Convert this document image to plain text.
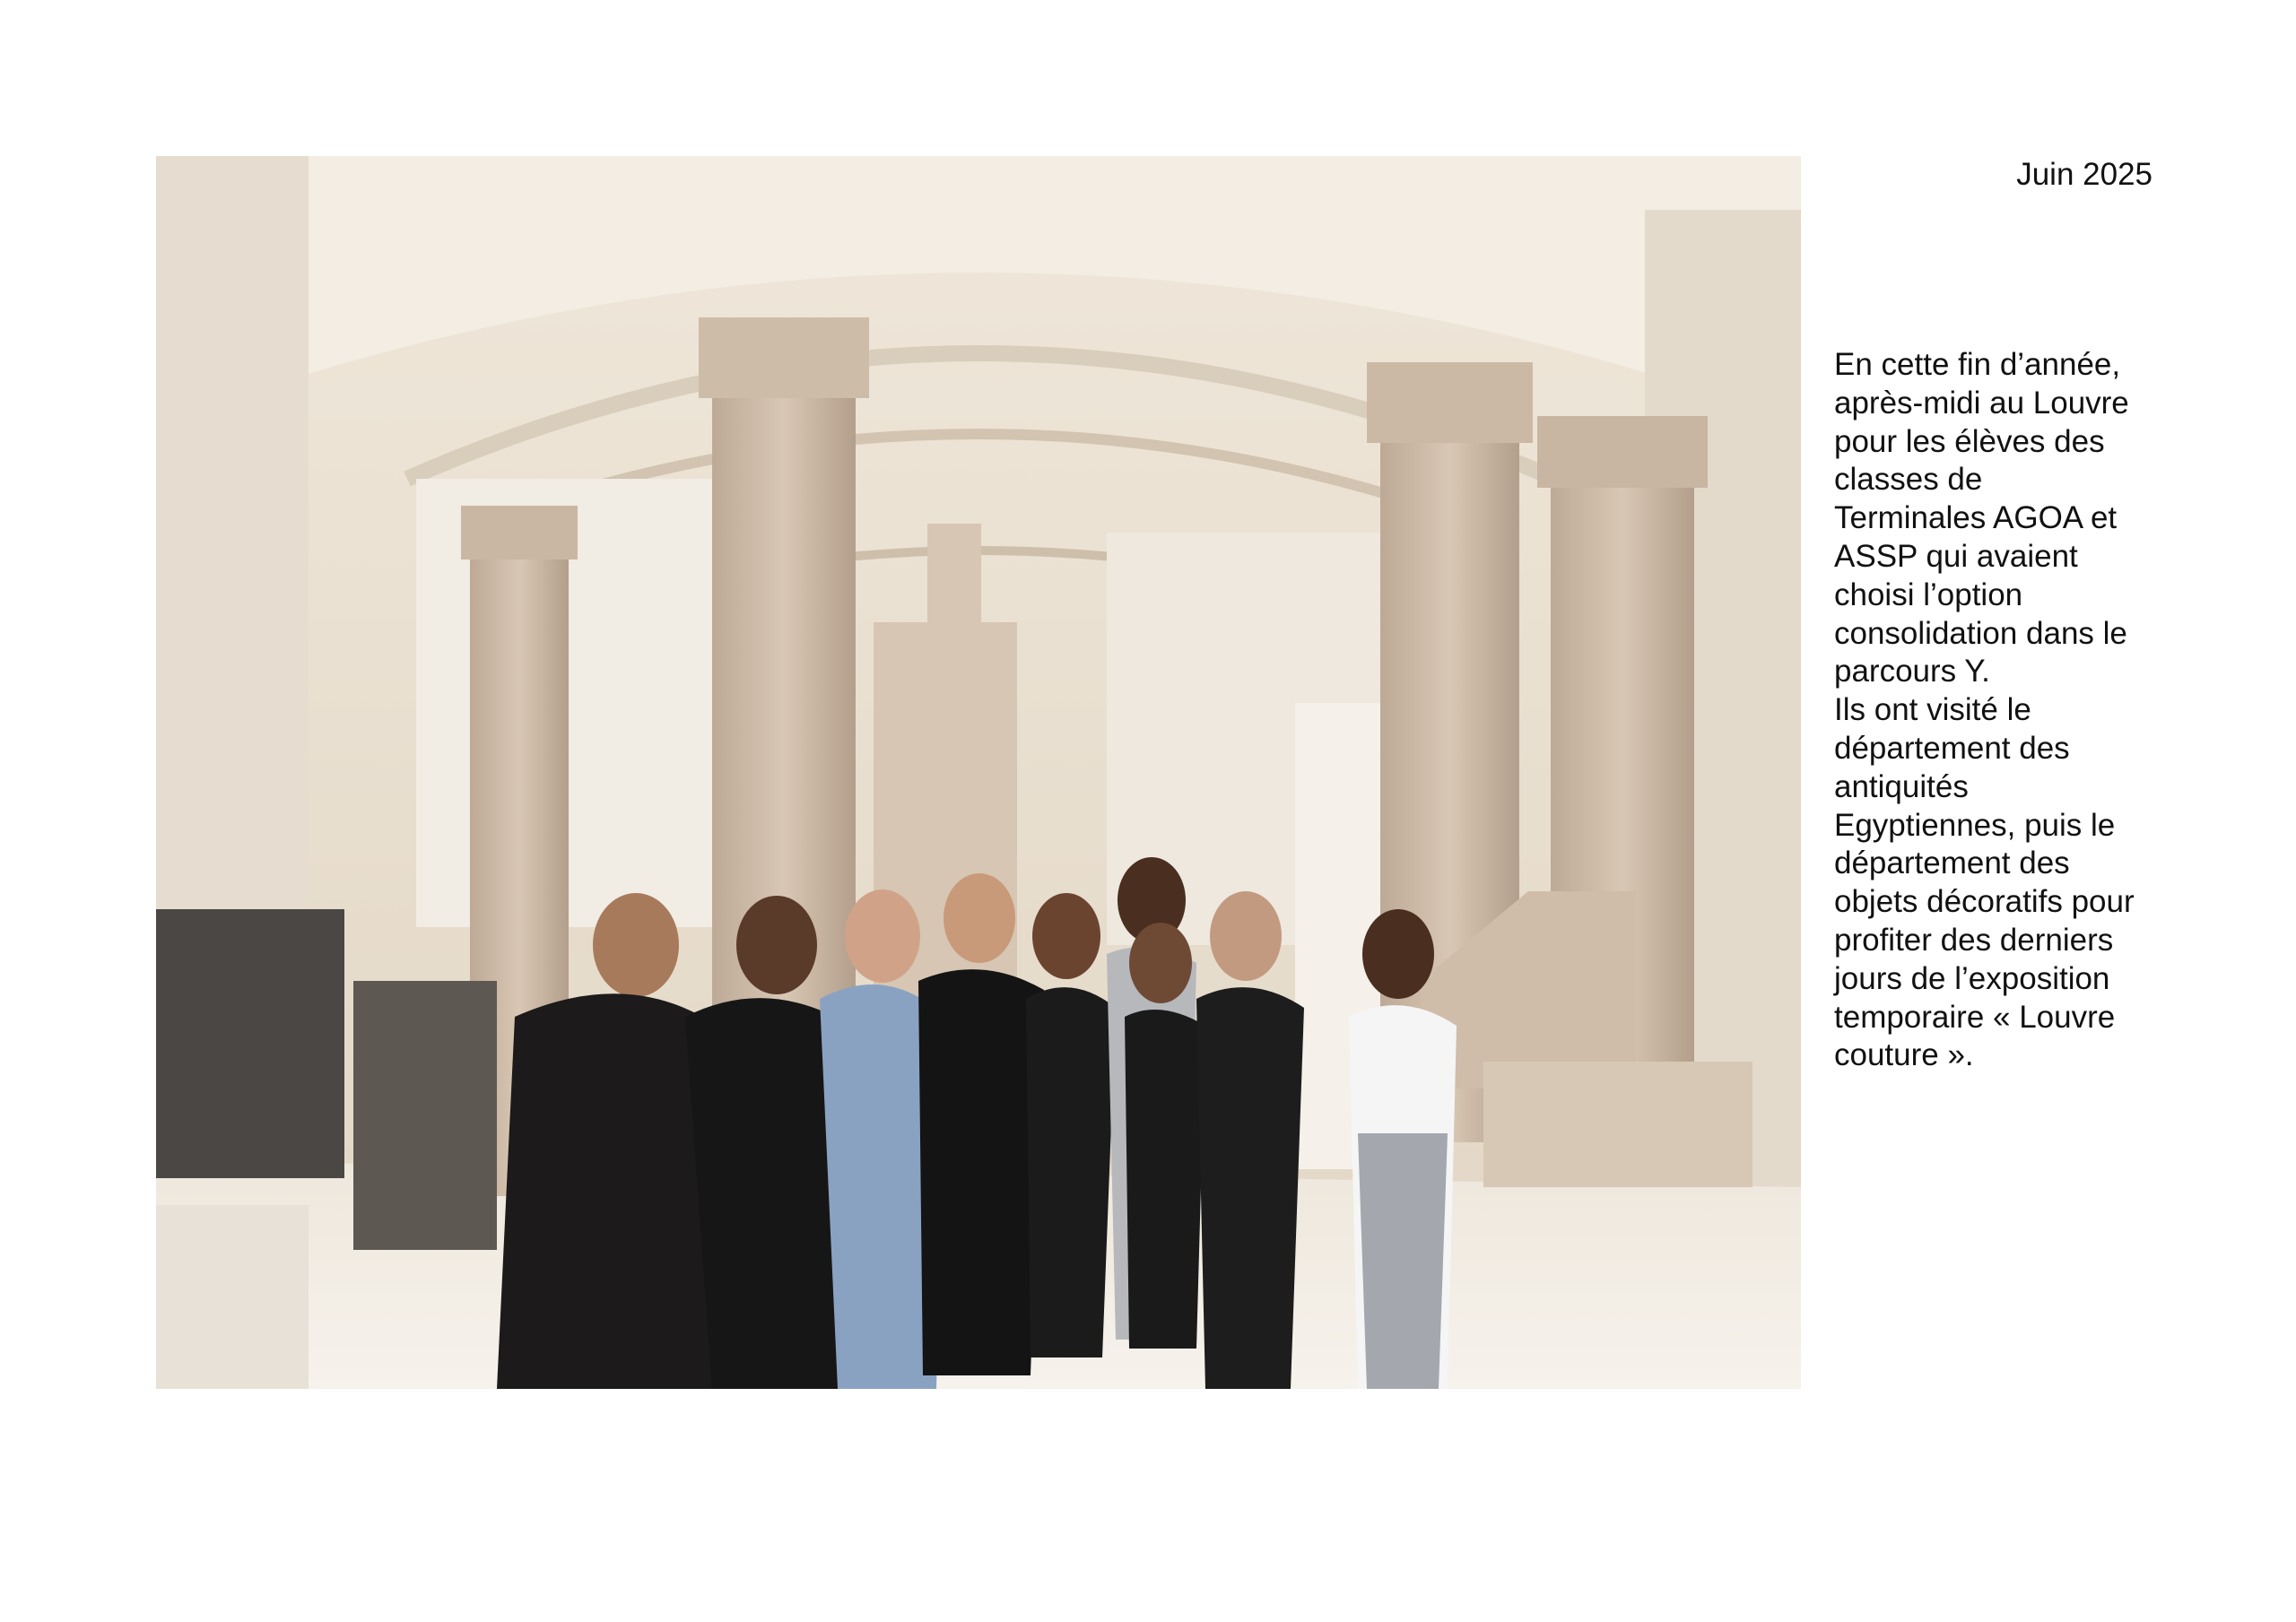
Juin 2025
En cette fin d’année,
après-midi au Louvre
pour les élèves des
classes de
Terminales AGOA et
ASSP qui avaient
choisi l’option
consolidation dans le
parcours Y.
Ils ont visité le
département des
antiquités
Egyptiennes, puis le
département des
objets décoratifs pour
profiter des derniers
jours de l’exposition
temporaire « Louvre
couture ».
